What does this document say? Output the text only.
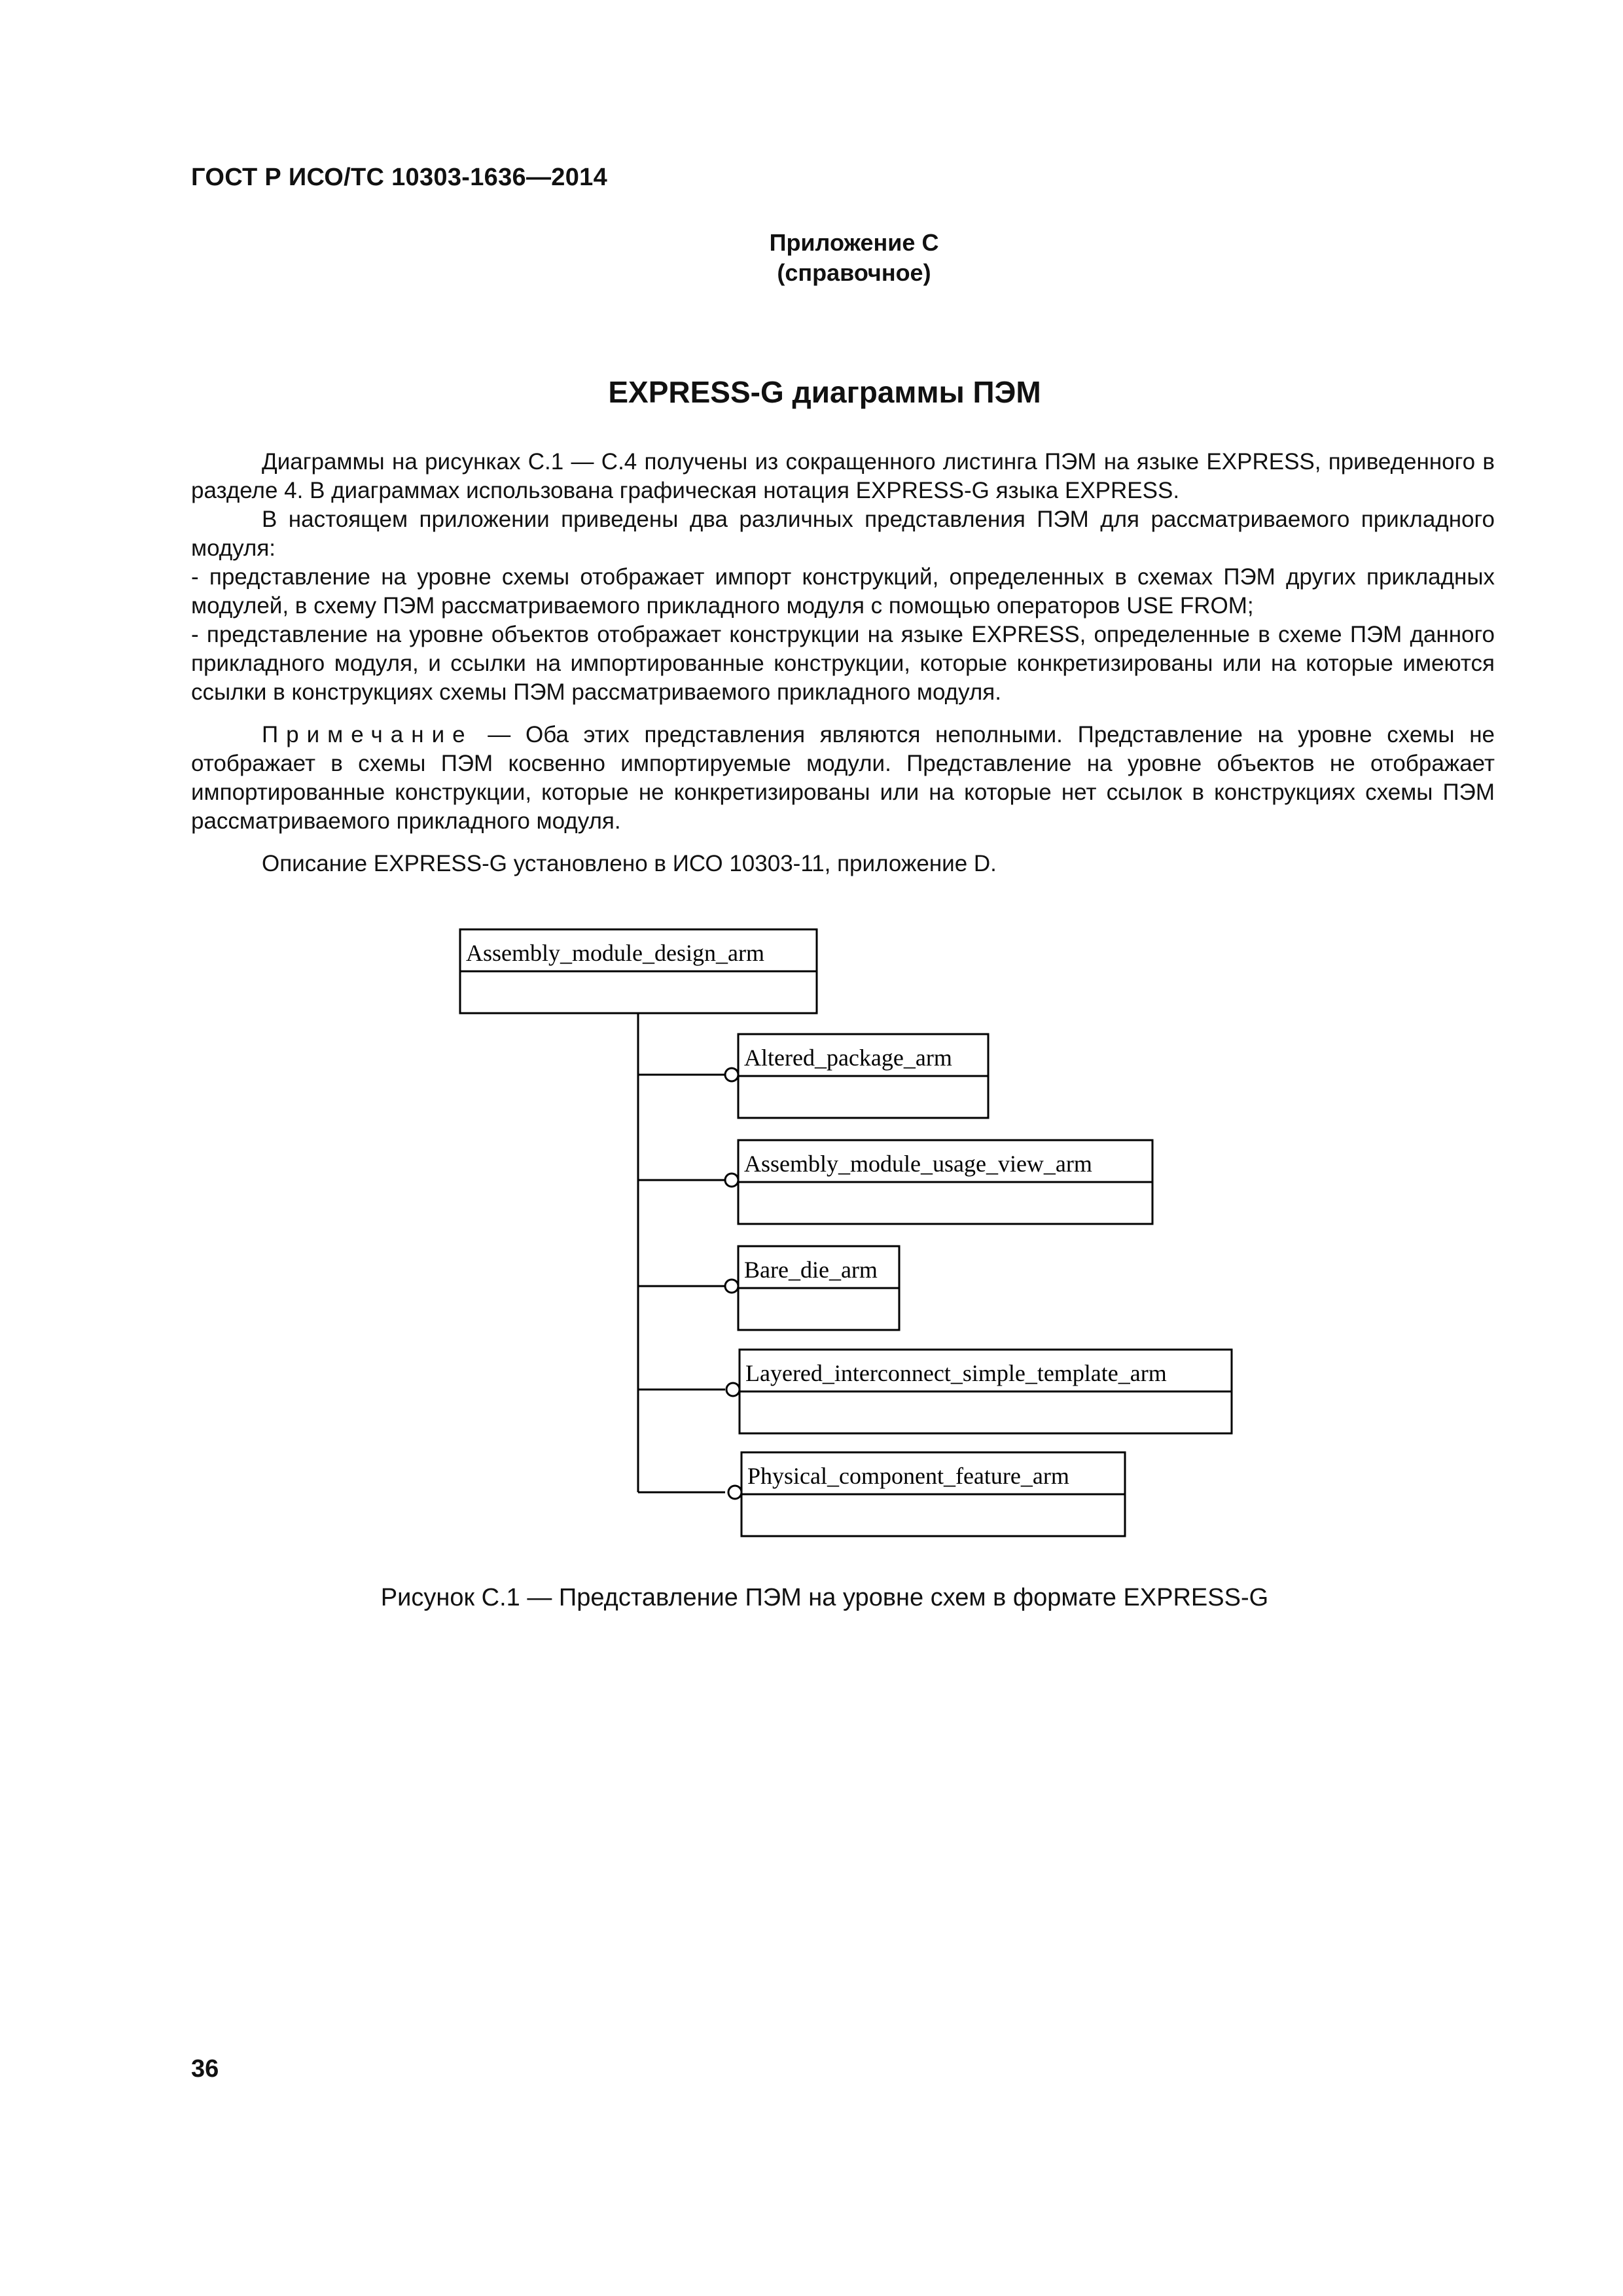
ГОСТ Р ИСО/ТС 10303-1636—2014
Приложение C
(справочное)
EXPRESS-G диаграммы ПЭМ

Диаграммы на рисунках C.1 — C.4 получены из сокращенного листинга ПЭМ на языке EXPRESS, приведенного в разделе 4. В диаграммах использована графическая нотация EXPRESS-G языка EXPRESS.

В настоящем приложении приведены два различных представления ПЭМ для рассматриваемого прикладного модуля:

- представление на уровне схемы отображает импорт конструкций, определенных в схемах ПЭМ других прикладных модулей, в схему ПЭМ рассматриваемого прикладного модуля с помощью операторов USE FROM;

- представление на уровне объектов отображает конструкции на языке EXPRESS, определенные в схеме ПЭМ данного прикладного модуля, и ссылки на импортированные конструкции, которые конкретизированы или на которые имеются ссылки в конструкциях схемы ПЭМ рассматриваемого прикладного модуля.

Примечание — Оба этих представления являются неполными. Представление на уровне схемы не отображает в схемы ПЭМ косвенно импортируемые модули. Представление на уровне объектов не отображает импортированные конструкции, которые не конкретизированы или на которые нет ссылок в конструкциях схемы ПЭМ рассматриваемого прикладного модуля.

Описание EXPRESS-G установлено в ИСО 10303-11, приложение D.

Assembly_module_design_arm
Altered_package_arm
Assembly_module_usage_view_arm
Bare_die_arm
Layered_interconnect_simple_template_arm
Physical_component_feature_arm
Рисунок C.1 — Представление ПЭМ на уровне схем в формате EXPRESS-G
36
